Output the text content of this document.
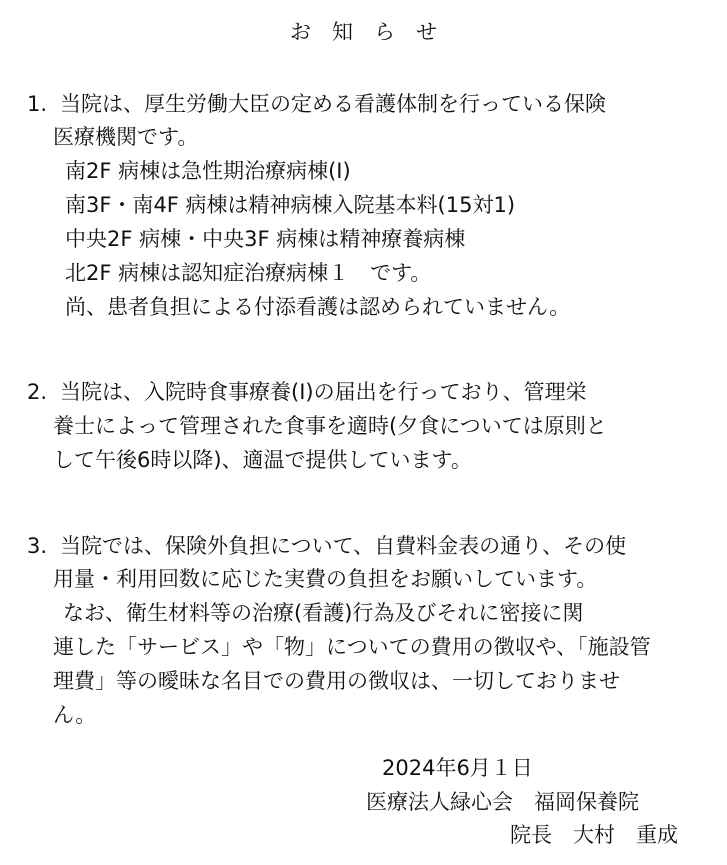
お　知　ら　せ
1. 当院は、厚生労働大臣の定める看護体制を行っている保険
医療機関です。
南2F 病棟は急性期治療病棟(Ⅰ)
南3F・南4F 病棟は精神病棟入院基本料(15対1)
中央2F 病棟・中央3F 病棟は精神療養病棟
北2F 病棟は認知症治療病棟１　です。
尚、患者負担による付添看護は認められていません。
2. 当院は、入院時食事療養(Ⅰ)の届出を行っており、管理栄
養士によって管理された食事を適時(夕食については原則と
して午後6時以降)、適温で提供しています。
3. 当院では、保険外負担について、自費料金表の通り、その使
用量・利用回数に応じた実費の負担をお願いしています。
なお、衛生材料等の治療(看護)行為及びそれに密接に関
連した「サービス」や「物」についての費用の徴収や、「施設管
理費」等の曖昧な名目での費用の徴収は、一切しておりませ
ん。
2024年6月１日
医療法人緑心会　福岡保養院
院長　大村　重成
